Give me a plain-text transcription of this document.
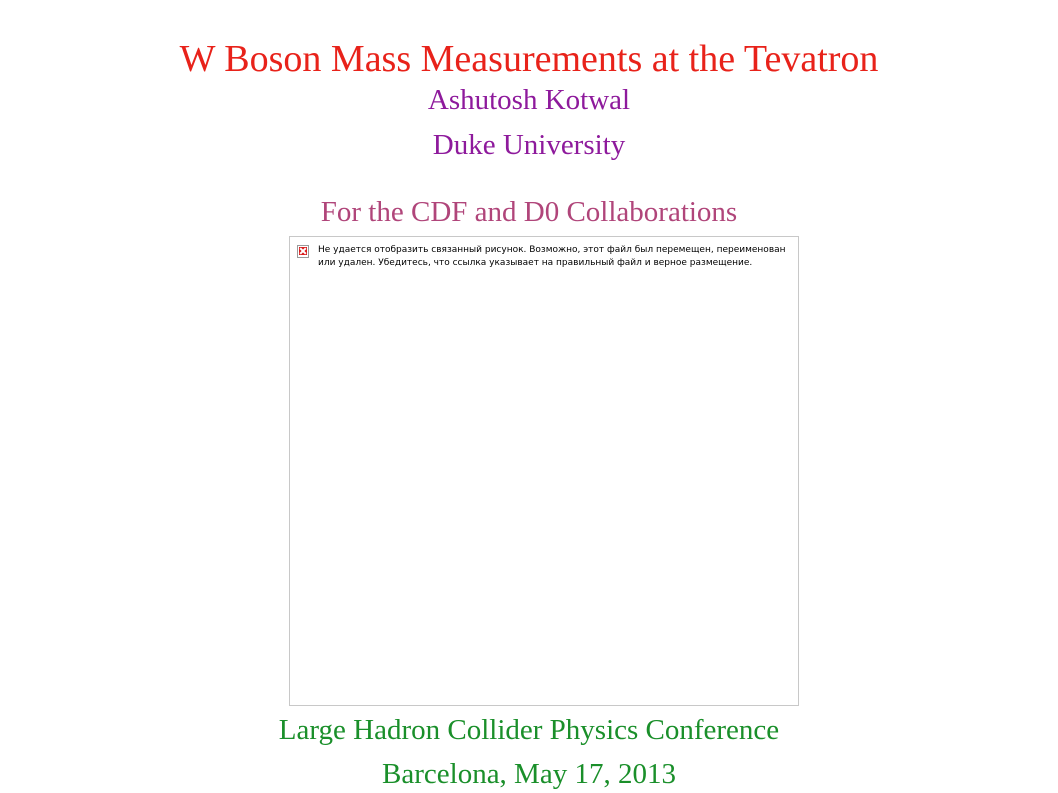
W Boson Mass Measurements at the Tevatron
Ashutosh Kotwal
Duke University
For the CDF and D0 Collaborations
Не удается отобразить связанный рисунок. Возможно, этот файл был перемещен, переименован или удален. Убедитесь, что ссылка указывает на правильный файл и верное размещение.
Large Hadron Collider Physics Conference
Barcelona, May 17, 2013
